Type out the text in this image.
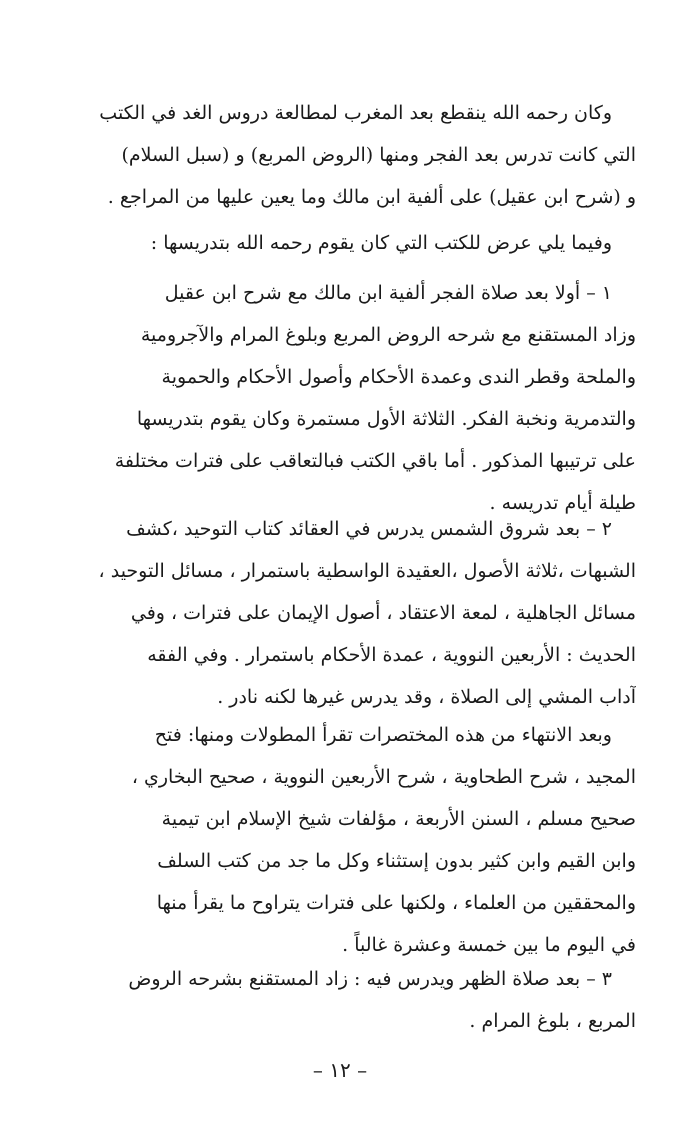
وكان رحمه الله ينقطع بعد المغرب لمطالعة دروس الغد في الكتب
التي كانت تدرس بعد الفجر ومنها (الروض المربع) و (سبل السلام)
و (شرح ابن عقيل) على ألفية ابن مالك وما يعين عليها من المراجع .
وفيما يلي عرض للكتب التي كان يقوم رحمه الله بتدريسها :
١ – أولا بعد صلاة الفجر ألفية ابن مالك مع شرح ابن عقيل
وزاد المستقنع مع شرحه الروض المربع وبلوغ المرام والآجرومية
والملحة وقطر الندى وعمدة الأحكام وأصول الأحكام والحموية
والتدمرية ونخبة الفكر. الثلاثة الأول مستمرة وكان يقوم بتدريسها
على ترتيبها المذكور . أما باقي الكتب فبالتعاقب على فترات مختلفة
طيلة أيام تدريسه .
٢ – بعد شروق الشمس يدرس في العقائد كتاب التوحيد ،كشف
الشبهات ،ثلاثة الأصول ،العقيدة الواسطية باستمرار ، مسائل التوحيد ،
مسائل الجاهلية ، لمعة الاعتقاد ، أصول الإيمان على فترات ، وفي
الحديث : الأربعين النووية ، عمدة الأحكام باستمرار . وفي الفقه
آداب المشي إلى الصلاة ، وقد يدرس غيرها لكنه نادر .
وبعد الانتهاء من هذه المختصرات تقرأ المطولات ومنها: فتح
المجيد ، شرح الطحاوية ، شرح الأربعين النووية ، صحيح البخاري ،
صحيح مسلم ، السنن الأربعة ، مؤلفات شيخ الإسلام ابن تيمية
وابن القيم وابن كثير بدون إستثناء وكل ما جد من كتب السلف
والمحققين من العلماء ، ولكنها على فترات يتراوح ما يقرأ منها
في اليوم ما بين خمسة وعشرة غالباً .
٣ – بعد صلاة الظهر ويدرس فيه : زاد المستقنع بشرحه الروض
المربع ، بلوغ المرام .
– ١٢ –
